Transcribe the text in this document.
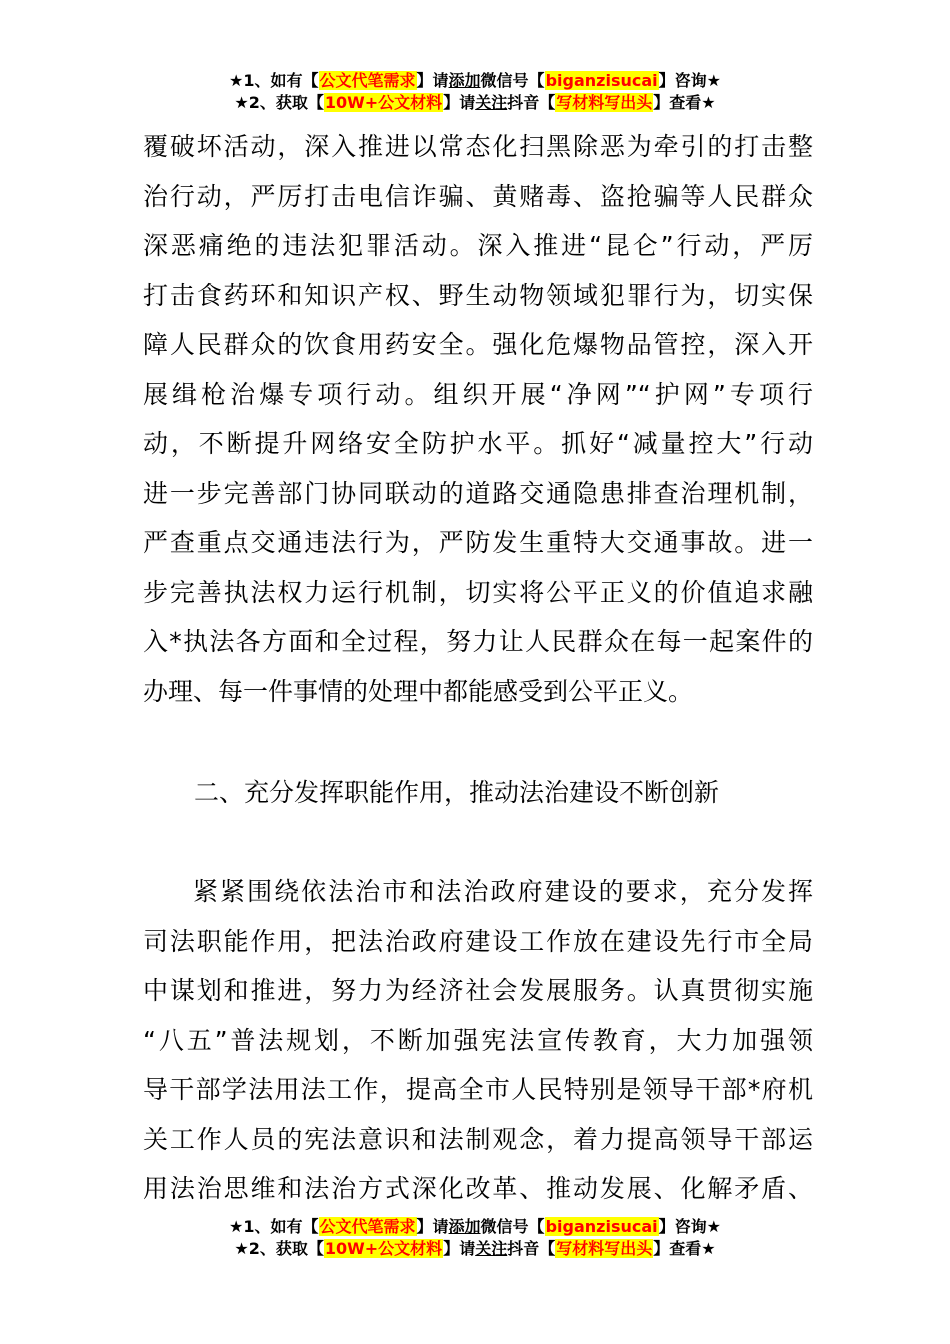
★1、如有【公文代笔需求】请添加微信号【biganzisucai】咨询★
★2、获取【10W+公文材料】请关注抖音【写材料写出头】查看★
覆破坏活动，深入推进以常态化扫黑除恶为牵引的打击整
治行动，严厉打击电信诈骗、黄赌毒、盗抢骗等人民群众
深恶痛绝的违法犯罪活动。深入推进“昆仑”行动，严厉
打击食药环和知识产权、野生动物领域犯罪行为，切实保
障人民群众的饮食用药安全。强化危爆物品管控，深入开
展缉枪治爆专项行动。组织开展“净网”“护网”专项行
动，不断提升网络安全防护水平。抓好“减量控大”行动
进一步完善部门协同联动的道路交通隐患排查治理机制，
严查重点交通违法行为，严防发生重特大交通事故。进一
步完善执法权力运行机制，切实将公平正义的价值追求融
入*执法各方面和全过程，努力让人民群众在每一起案件的
办理、每一件事情的处理中都能感受到公平正义。
二、充分发挥职能作用，推动法治建设不断创新
紧紧围绕依法治市和法治政府建设的要求，充分发挥
司法职能作用，把法治政府建设工作放在建设先行市全局
中谋划和推进，努力为经济社会发展服务。认真贯彻实施
“八五”普法规划，不断加强宪法宣传教育，大力加强领
导干部学法用法工作，提高全市人民特别是领导干部*府机
关工作人员的宪法意识和法制观念，着力提高领导干部运
用法治思维和法治方式深化改革、推动发展、化解矛盾、
★1、如有【公文代笔需求】请添加微信号【biganzisucai】咨询★
★2、获取【10W+公文材料】请关注抖音【写材料写出头】查看★
